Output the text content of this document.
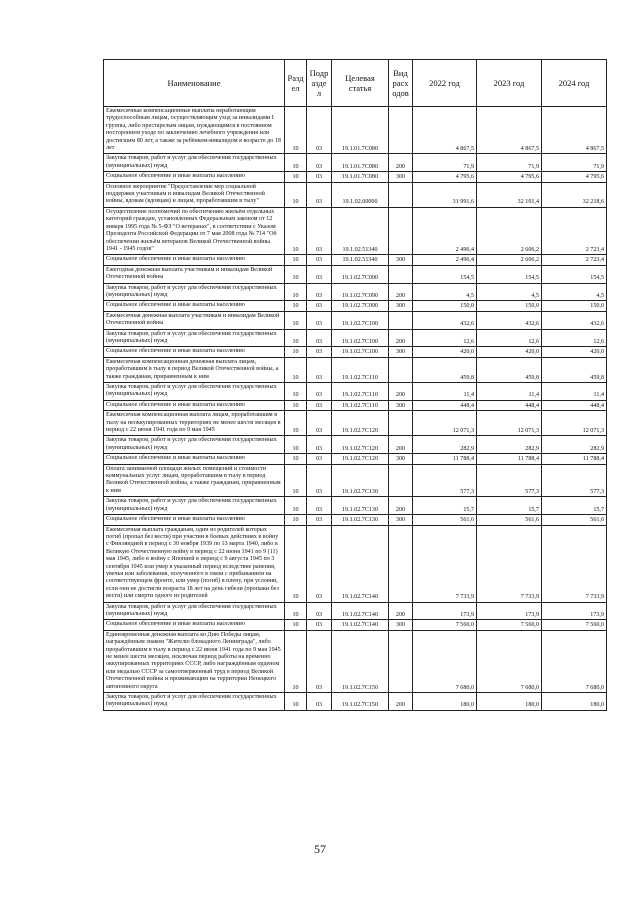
Наименование	Разд ел	Подр азде л	Целевая статья	Вид расх одов	2022 год	2023 год	2024 год
Ежемесячные компенсационные выплаты неработающим трудоспособным лицам, осуществляющим уход за инвалидами I группы, либо престарелым лицам, нуждающимся в постоянном постороннем уходе по заключению лечебного учреждения или достигшим 80 лет, а также за ребёнком-инвалидом в возрасте до 18 лет	10	03	19.1.01.7С080		4 867,5	4 867,5	4 867,5
Закупка товаров, работ и услуг для обеспечения государственных (муниципальных) нужд	10	03	19.1.01.7С080	200	71,9	71,9	71,9
Социальное обеспечение и иные выплаты населению	10	03	19.1.01.7С080	300	4 795,6	4 795,6	4 795,6
Основное мероприятие "Предоставление мер социальной поддержки участникам и инвалидам Великой Отечественной войны, вдовам (вдовцам) и лицам, проработавшим в тылу"	10	03	19.1.02.00000		31 991,6	32 101,4	32 218,6
Осуществление полномочий по обеспечению жильём отдельных категорий граждан, установленных Федеральным законом от 12 января 1995 года № 5-ФЗ "О ветеранах", в соответствии с Указом Президента Российской Федерации от 7 мая 2008 года № 714 "Об обеспечении жильём ветеранов Великой Отечественной войны 1941 - 1945 годов"	10	03	19.1.02.51340		2 496,4	2 606,2	2 723,4
Социальное обеспечение и иные выплаты населению	10	03	19.1.02.51340	300	2 496,4	2 606,2	2 723,4
Ежегодная денежная выплата участникам и инвалидам Великой Отечественной войны	10	03	19.1.02.7С090		154,5	154,5	154,5
Закупка товаров, работ и услуг для обеспечения государственных (муниципальных) нужд	10	03	19.1.02.7С090	200	4,5	4,5	4,5
Социальное обеспечение и иные выплаты населению	10	03	19.1.02.7С090	300	150,0	150,0	150,0
Ежемесячная денежная выплата участникам и инвалидам Великой Отечественной войны	10	03	19.1.02.7С100		432,6	432,6	432,6
Закупка товаров, работ и услуг для обеспечения государственных (муниципальных) нужд	10	03	19.1.02.7С100	200	12,6	12,6	12,6
Социальное обеспечение и иные выплаты населению	10	03	19.1.02.7С100	300	420,0	420,0	420,0
Ежемесячная компенсационная денежная выплата лицам, проработавшим в тылу в период Великой Отечественной войны, а также гражданам, приравненным к ним	10	03	19.1.02.7С110		459,8	459,8	459,8
Закупка товаров, работ и услуг для обеспечения государственных (муниципальных) нужд	10	03	19.1.02.7С110	200	11,4	11,4	11,4
Социальное обеспечение и иные выплаты населению	10	03	19.1.02.7С110	300	448,4	448,4	448,4
Ежемесячная компенсационная выплата лицам, проработавшим в тылу на неоккупированных территориях не менее шести месяцев в период с 22 июня 1941 года по 9 мая 1945	10	03	19.1.02.7С120		12 071,3	12 071,3	12 071,3
Закупка товаров, работ и услуг для обеспечения государственных (муниципальных) нужд	10	03	19.1.02.7С120	200	282,9	282,9	282,9
Социальное обеспечение и иные выплаты населению	10	03	19.1.02.7С120	300	11 788,4	11 788,4	11 788,4
Оплата занимаемой площади жилых помещений и стоимости коммунальных услуг лицам, проработавшим в тылу в период Великой Отечественной войны, а также гражданам, приравненным к ним	10	03	19.1.02.7С130		577,3	577,3	577,3
Закупка товаров, работ и услуг для обеспечения государственных (муниципальных) нужд	10	03	19.1.02.7С130	200	15,7	15,7	15,7
Социальное обеспечение и иные выплаты населению	10	03	19.1.02.7С130	300	561,6	561,6	561,6
Ежемесячная выплата гражданам, один из родителей которых погиб (пропал без вести) при участии в боевых действиях в войну с Финляндией в период с 30 ноября 1939 по 13 марта 1940, либо в Великую Отечественную войну в период с 22 июня 1941 по 9 (11) мая 1945, либо в войну с Японией в период с 9 августа 1945 по 3 сентября 1945 или умер в указанный период вследствие ранения, увечья или заболевания, полученного в связи с пребыванием на соответствующем фронте, или умер (погиб) в плену, при условии, если они не достигли возраста 18 лет на день гибели (пропажи без вести) или смерти одного из родителей	10	03	19.1.02.7С140		7 733,9	7 733,9	7 733,9
Закупка товаров, работ и услуг для обеспечения государственных (муниципальных) нужд	10	03	19.1.02.7С140	200	173,9	173,9	173,9
Социальное обеспечение и иные выплаты населению	10	03	19.1.02.7С140	300	7 560,0	7 560,0	7 560,0
Единовременная денежная выплата ко Дню Победы лицам, награждённым знаком "Жителю блокадного Ленинграда", либо проработавшим в тылу в период с 22 июня 1941 года по 9 мая 1945 не менее шести месяцев, исключая период работы на временно оккупированных территориях СССР, либо награждённым орденом или медалью СССР за самоотверженный труд в период Великой Отечественной войны и проживающим на территории Ненецкого автономного округа	10	03	19.1.02.7С150		7 680,0	7 680,0	7 680,0
Закупка товаров, работ и услуг для обеспечения государственных (муниципальных) нужд	10	03	19.1.02.7С150	200	180,0	180,0	180,0
57
